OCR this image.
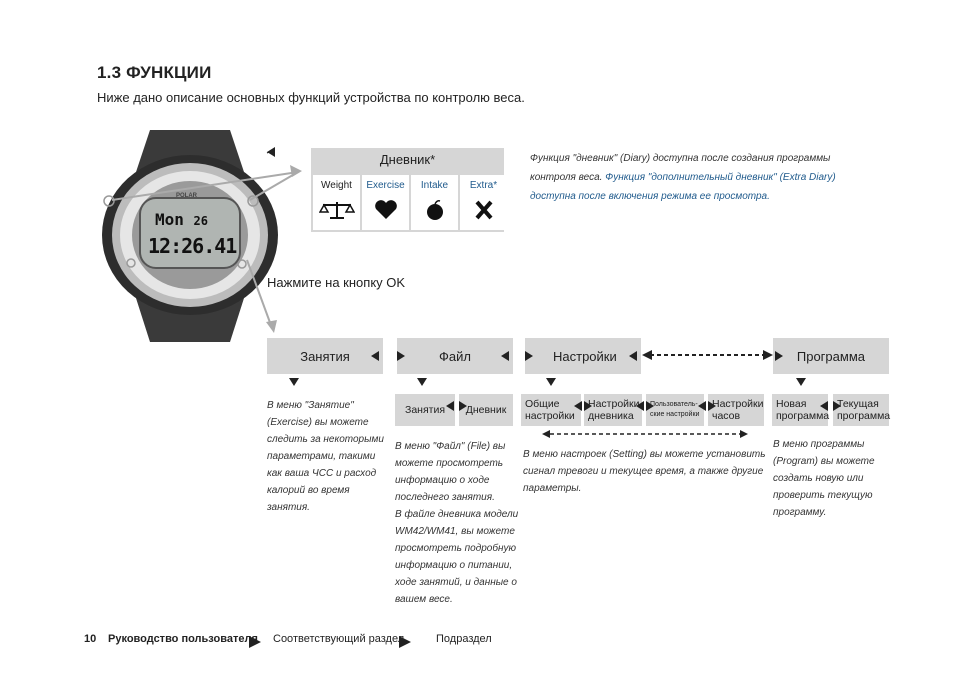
1.3 ФУНКЦИИ
Ниже дано описание основных функций устройства по контролю веса.
Mon 26
12:26.41
POLAR
Дневник*
Weight Exercise Intake Extra*
Функция "дневник" (Diary) доступна после создания программы контроля веса. Функция "дополнительный дневник" (Extra Diary) доступна после включения режима ее просмотра.
Нажмите на кнопку OK
Занятия	Файл	Настройки	Программа
Занятия	Дневник	Общие настройки
Настройки дневника
Пользователь-ские настройки
Настройки часов
Новая программа
Текущая программа
В меню "Занятие"
(Exercise) вы можете
следить за некоторыми
параметрами, такими
как ваша ЧСС и расход
калорий во время
занятия.
В меню "Файл" (File) вы
можете просмотреть
информацию о ходе
последнего занятия.
В файле дневника модели
WM42/WM41, вы можете
просмотреть подробную
информацию о питании,
ходе занятий, и данные о
вашем весе.
В меню настроек (Setting) вы можете установить
сигнал тревоги и текущее время, а также другие
параметры.
В меню программы
(Program) вы можете
создать новую или
проверить текущую
программу.
10 Руководство пользователя Соответствующий раздел	Подраздел
